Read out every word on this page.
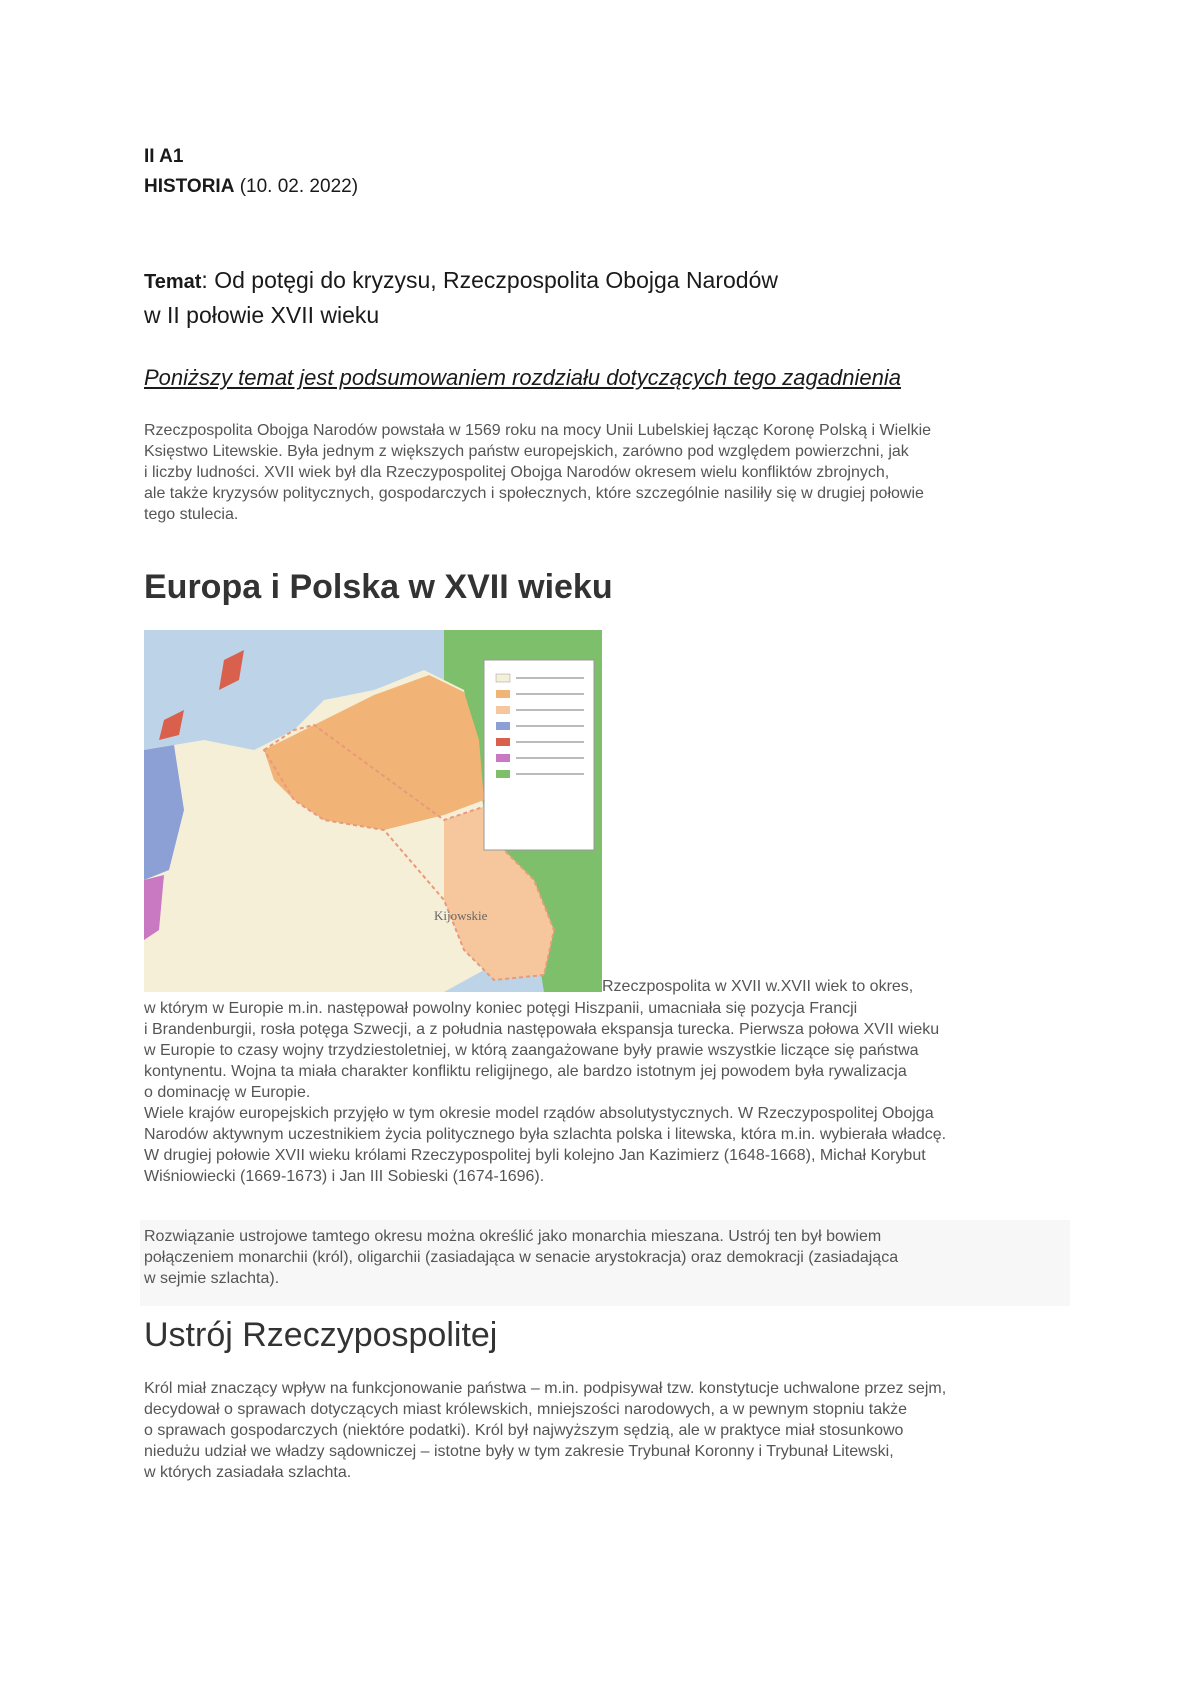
II A1
HISTORIA (10. 02. 2022)
Temat: Od potęgi do kryzysu, Rzeczpospolita Obojga Narodów
w II połowie XVII wieku
Poniższy temat jest podsumowaniem rozdziału dotyczących tego zagadnienia

Rzeczpospolita Obojga Narodów powstała w 1569 roku na mocy Unii Lubelskiej łącząc Koronę Polską i Wielkie
Księstwo Litewskie. Była jednym z większych państw europejskich, zarówno pod względem powierzchni, jak
i liczby ludności. XVII wiek był dla Rzeczypospolitej Obojga Narodów okresem wielu konfliktów zbrojnych,
ale także kryzysów politycznych, gospodarczych i społecznych, które szczególnie nasiliły się w drugiej połowie
tego stulecia.

Europa i Polska w XVII wieku
Kijowskie
Rzeczpospolita w XVII w.XVII wiek to okres,

w którym w Europie m.in. następował powolny koniec potęgi Hiszpanii, umacniała się pozycja Francji
i Brandenburgii, rosła potęga Szwecji, a z południa następowała ekspansja turecka. Pierwsza połowa XVII wieku
w Europie to czasy wojny trzydziestoletniej, w którą zaangażowane były prawie wszystkie liczące się państwa
kontynentu. Wojna ta miała charakter konfliktu religijnego, ale bardzo istotnym jej powodem była rywalizacja
o dominację w Europie.
Wiele krajów europejskich przyjęło w tym okresie model rządów absolutystycznych. W Rzeczypospolitej Obojga
Narodów aktywnym uczestnikiem życia politycznego była szlachta polska i litewska, która m.in. wybierała władcę.
W drugiej połowie XVII wieku królami Rzeczypospolitej byli kolejno Jan Kazimierz (1648-1668), Michał Korybut
Wiśniowiecki (1669-1673) i Jan III Sobieski (1674-1696).

Rozwiązanie ustrojowe tamtego okresu można określić jako monarchia mieszana. Ustrój ten był bowiem
połączeniem monarchii (król), oligarchii (zasiadająca w senacie arystokracja) oraz demokracji (zasiadająca
w sejmie szlachta).

Ustrój Rzeczypospolitej

Król miał znaczący wpływ na funkcjonowanie państwa – m.in. podpisywał tzw. konstytucje uchwalone przez sejm,
decydował o sprawach dotyczących miast królewskich, mniejszości narodowych, a w pewnym stopniu także
o sprawach gospodarczych (niektóre podatki). Król był najwyższym sędzią, ale w praktyce miał stosunkowo
niedużu udział we władzy sądowniczej – istotne były w tym zakresie Trybunał Koronny i Trybunał Litewski,
w których zasiadała szlachta.
